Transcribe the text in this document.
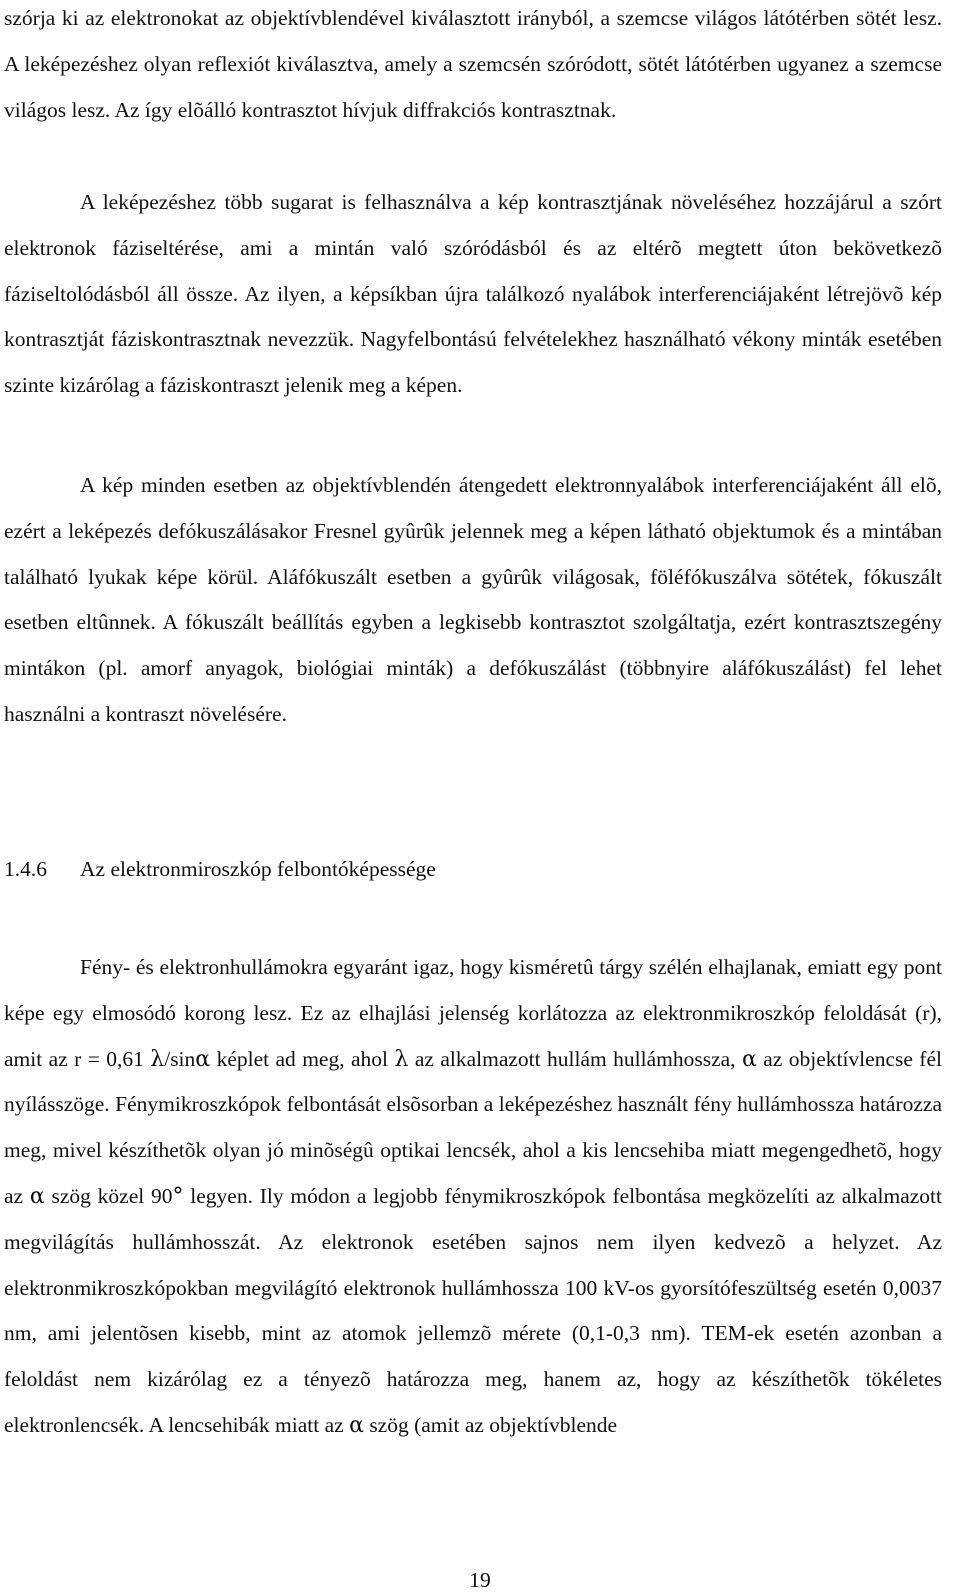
szórja ki az elektronokat az objektívblendével kiválasztott irányból, a szemcse világos látótérben sötét lesz. A leképezéshez olyan reflexiót kiválasztva, amely a szemcsén szóródott, sötét látótérben ugyanez a szemcse világos lesz. Az így elõálló kontrasztot hívjuk diffrakciós kontrasztnak.

A leképezéshez több sugarat is felhasználva a kép kontrasztjának növeléséhez hozzájárul a szórt elektronok fáziseltérése, ami a mintán való szóródásból és az eltérõ megtett úton bekövetkezõ fáziseltolódásból áll össze. Az ilyen, a képsíkban újra találkozó nyalábok interferenciájaként létrejövõ kép kontrasztját fáziskontrasztnak nevezzük. Nagyfelbontású felvételekhez használható vékony minták esetében szinte kizárólag a fáziskontraszt jelenik meg a képen.

A kép minden esetben az objektívblendén átengedett elektronnyalábok interferenciájaként áll elõ, ezért a leképezés defókuszálásakor Fresnel gyûrûk jelennek meg a képen látható objektumok és a mintában található lyukak képe körül. Aláfókuszált esetben a gyûrûk világosak, föléfókuszálva sötétek, fókuszált esetben eltûnnek. A fókuszált beállítás egyben a legkisebb kontrasztot szolgáltatja, ezért kontrasztszegény mintákon (pl. amorf anyagok, biológiai minták) a defókuszálást (többnyire aláfókuszálást) fel lehet használni a kontraszt növelésére.

1.4.6 Az elektronmiroszkóp felbontóképessége

Fény- és elektronhullámokra egyaránt igaz, hogy kisméretû tárgy szélén elhajlanak, emiatt egy pont képe egy elmosódó korong lesz. Ez az elhajlási jelenség korlátozza az elektronmikroszkóp feloldását (r), amit az r = 0,61 λ/sinα képlet ad meg, ahol λ az alkalmazott hullám hullámhossza, α az objektívlencse fél nyílásszöge. Fénymikroszkópok felbontását elsõsorban a leképezéshez használt fény hullámhossza határozza meg, mivel készíthetõk olyan jó minõségû optikai lencsék, ahol a kis lencsehiba miatt megengedhetõ, hogy az α szög közel 90° legyen. Ily módon a legjobb fénymikroszkópok felbontása megközelíti az alkalmazott megvilágítás hullámhosszát. Az elektronok esetében sajnos nem ilyen kedvezõ a helyzet. Az elektronmikroszkópokban megvilágító elektronok hullámhossza 100 kV-os gyorsítófeszültség esetén 0,0037 nm, ami jelentõsen kisebb, mint az atomok jellemzõ mérete (0,1-0,3 nm). TEM-ek esetén azonban a feloldást nem kizárólag ez a tényezõ határozza meg, hanem az, hogy az készíthetõk tökéletes elektronlencsék. A lencsehibák miatt az α szög (amit az objektívblende

19
